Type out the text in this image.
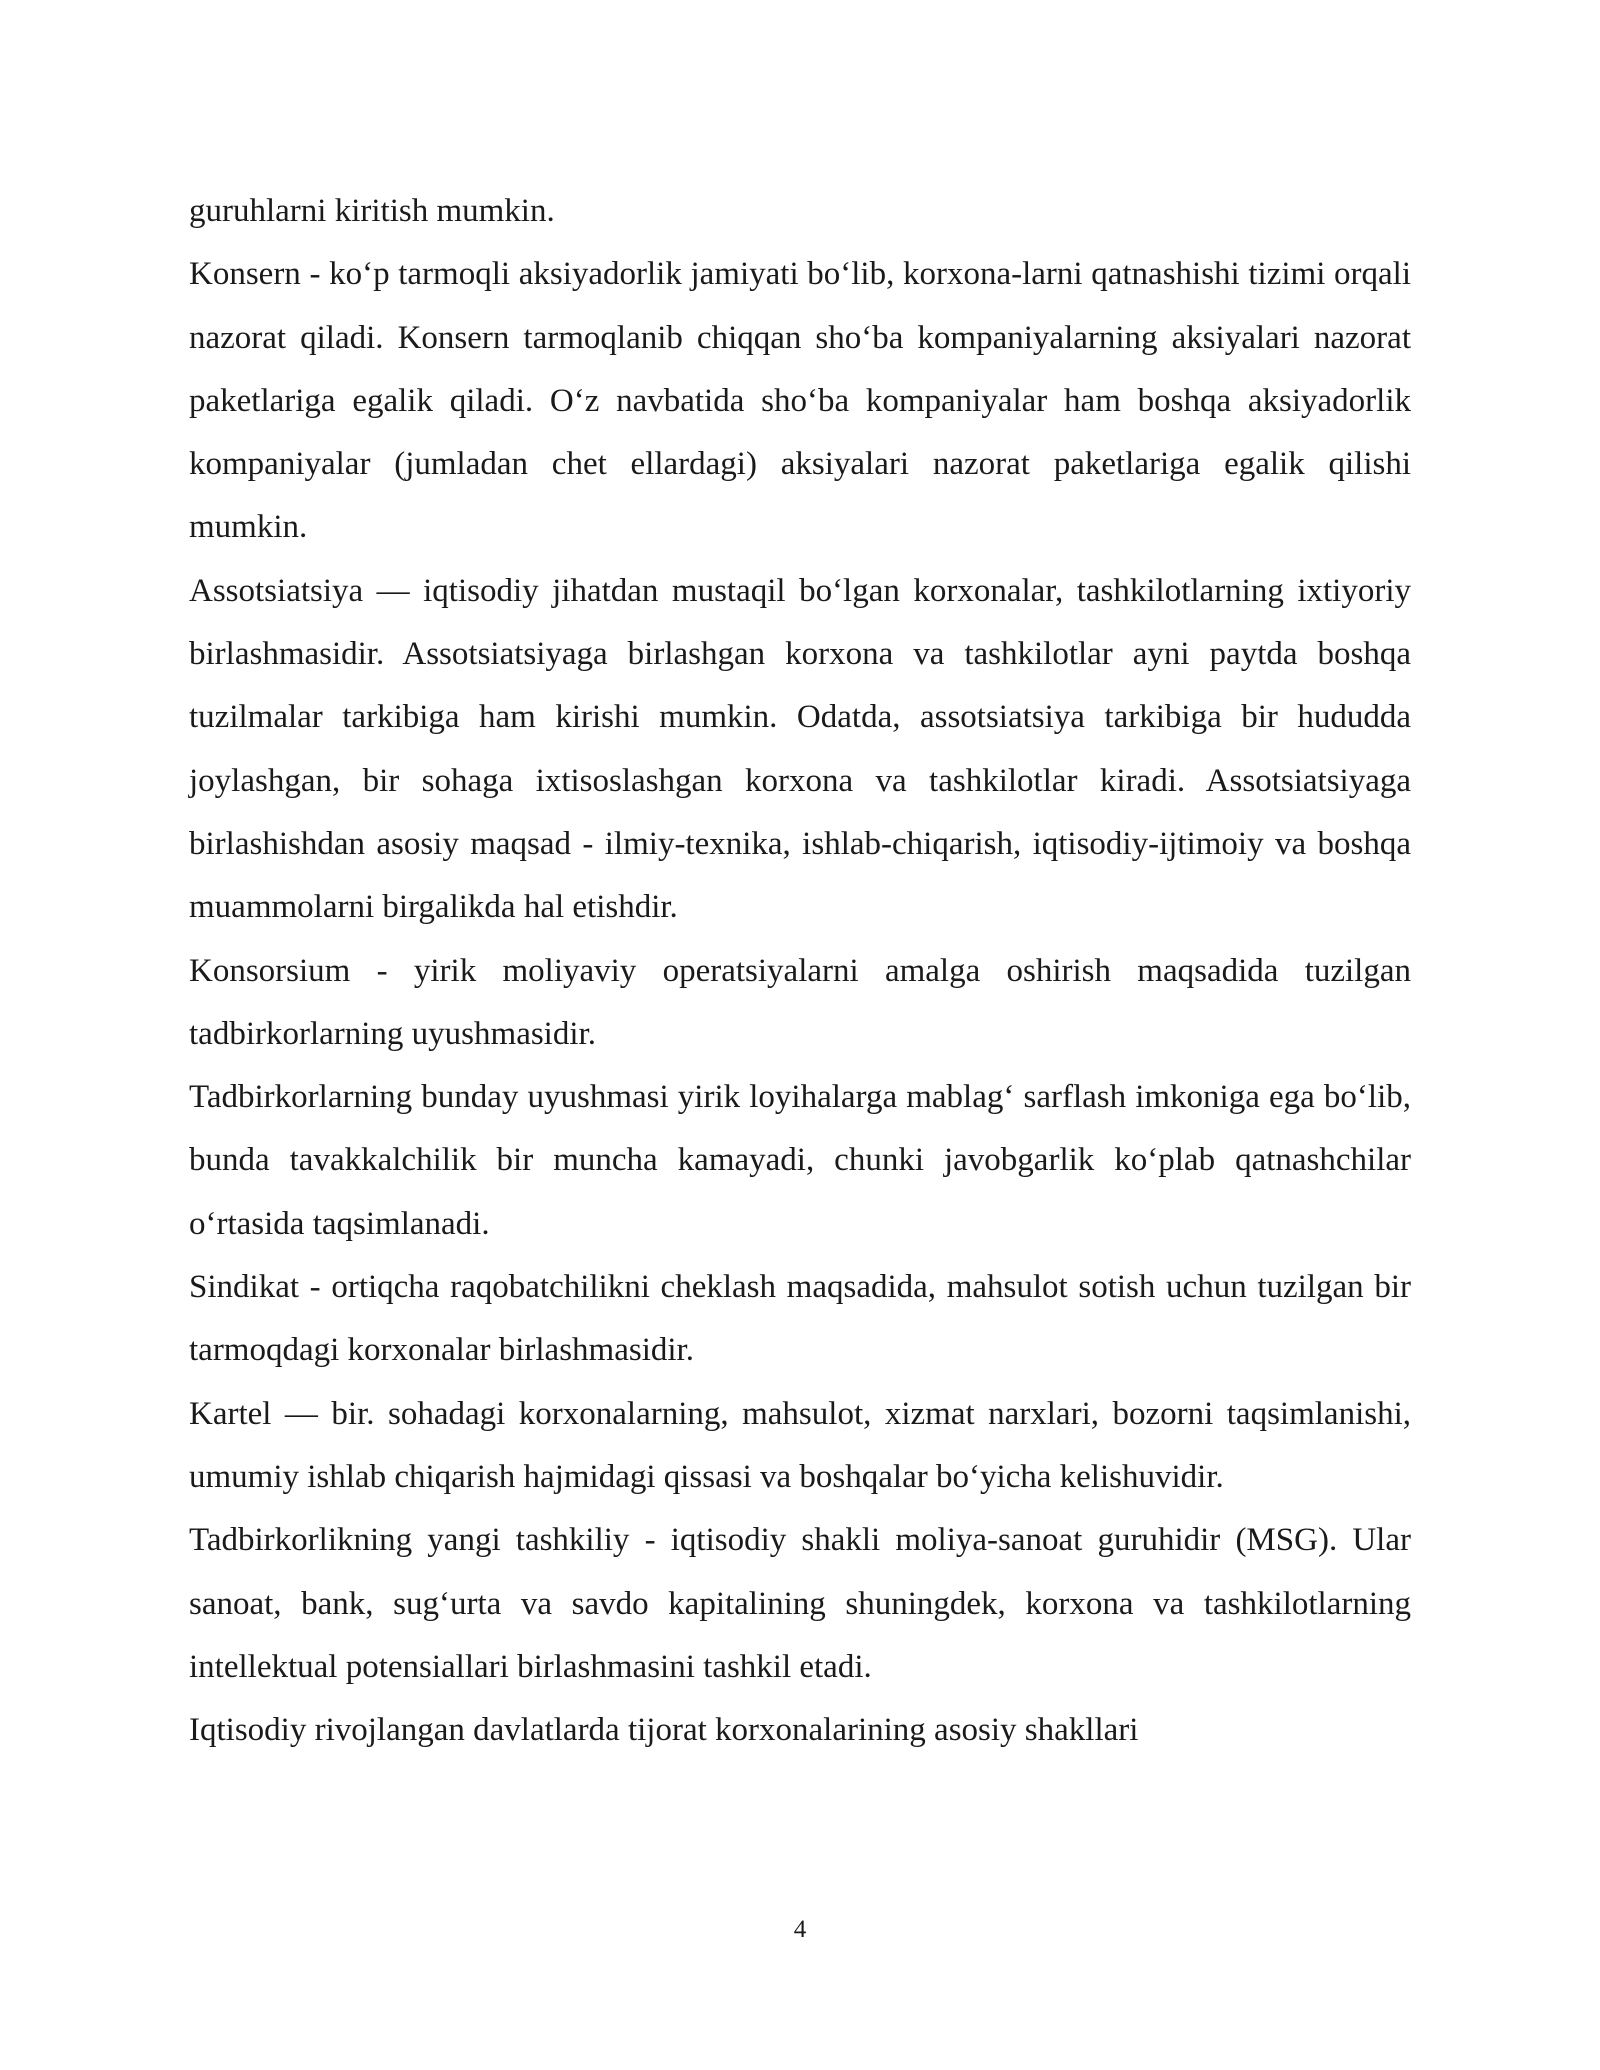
guruhlarni kiritish mumkin.

Konsern - ko‘p tarmoqli aksiyadorlik jamiyati bo‘lib, korxona-larni qatnashishi tizimi orqali nazorat qiladi. Konsern tarmoqlanib chiqqan sho‘ba kompaniyalarning aksiyalari nazorat paketlariga egalik qiladi. O‘z navbatida sho‘ba kompaniyalar ham boshqa aksiyadorlik kompaniyalar (jumladan chet ellardagi) aksiyalari nazorat paketlariga egalik qilishi mumkin.

Assotsiatsiya — iqtisodiy jihatdan mustaqil bo‘lgan korxonalar, tashkilotlarning ixtiyoriy birlashmasidir. Assotsiatsiyaga birlashgan korxona va tashkilotlar ayni paytda boshqa tuzilmalar tarkibiga ham kirishi mumkin. Odatda, assotsiatsiya tarkibiga bir hududda joylashgan, bir sohaga ixtisoslashgan korxona va tashkilotlar kiradi. Assotsiatsiyaga birlashishdan asosiy maqsad - ilmiy-texnika, ishlab-chiqarish, iqtisodiy-ijtimoiy va boshqa muammolarni birgalikda hal etishdir.

Konsorsium - yirik moliyaviy operatsiyalarni amalga oshirish maqsadida tuzilgan tadbirkorlarning uyushmasidir.

Tadbirkorlarning bunday uyushmasi yirik loyihalarga mablag‘ sarflash imkoniga ega bo‘lib, bunda tavakkalchilik bir muncha kamayadi, chunki javobgarlik ko‘plab qatnashchilar o‘rtasida taqsimlanadi.

Sindikat - ortiqcha raqobatchilikni cheklash maqsadida, mahsulot sotish uchun tuzilgan bir tarmoqdagi korxonalar birlashmasidir.

Kartel — bir. sohadagi korxonalarning, mahsulot, xizmat narxlari, bozorni taqsimlanishi, umumiy ishlab chiqarish hajmidagi qissasi va boshqalar bo‘yicha kelishuvidir.

Tadbirkorlikning yangi tashkiliy - iqtisodiy shakli moliya-sanoat guruhidir (MSG). Ular sanoat, bank, sug‘urta va savdo kapitalining shuningdek, korxona va tashkilotlarning intellektual potensiallari birlashmasini tashkil etadi.

Iqtisodiy rivojlangan davlatlarda tijorat korxonalarining asosiy shakllari

4
